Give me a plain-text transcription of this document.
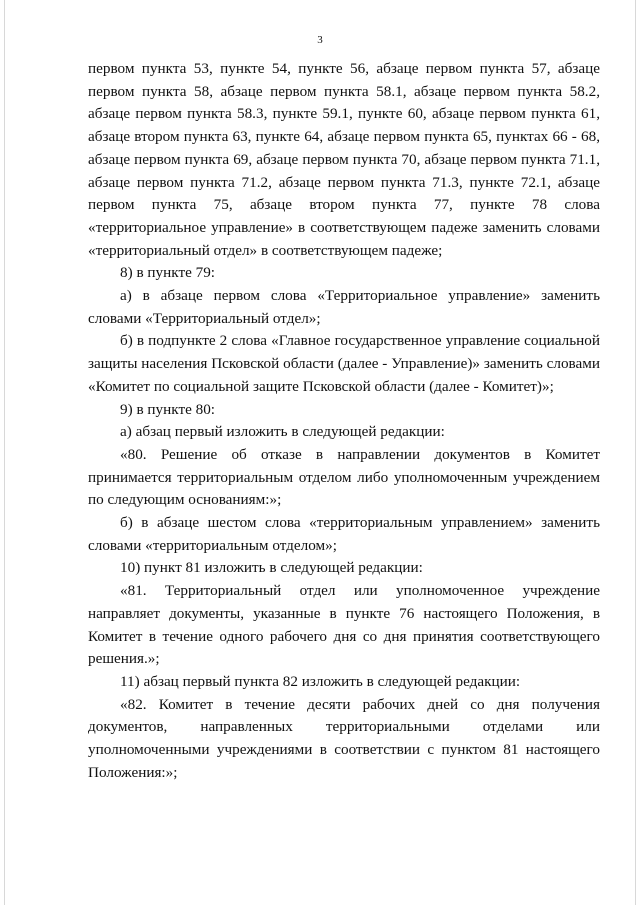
3

первом пункта 53, пункте 54, пункте 56, абзаце первом пункта 57, абзаце первом пункта 58, абзаце первом пункта 58.1, абзаце первом пункта 58.2, абзаце первом пункта 58.3, пункте 59.1, пункте 60, абзаце первом пункта 61, абзаце втором пункта 63, пункте 64, абзаце первом пункта 65, пунктах 66 - 68, абзаце первом пункта 69, абзаце первом пункта 70, абзаце первом пункта 71.1, абзаце первом пункта 71.2, абзаце первом пункта 71.3, пункте 72.1, абзаце первом пункта 75, абзаце втором пункта 77, пункте 78 слова «территориальное управление» в соответствующем падеже заменить словами «территориальный отдел» в соответствующем падеже;

8) в пункте 79:

а) в абзаце первом слова «Территориальное управление» заменить словами «Территориальный отдел»;

б) в подпункте 2 слова «Главное государственное управление социальной защиты населения Псковской области (далее - Управление)» заменить словами «Комитет по социальной защите Псковской области (далее - Комитет)»;

9) в пункте 80:

а) абзац первый изложить в следующей редакции:

«80. Решение об отказе в направлении документов в Комитет принимается территориальным отделом либо уполномоченным учреждением по следующим основаниям:»;

б) в абзаце шестом слова «территориальным управлением» заменить словами «территориальным отделом»;

10) пункт 81 изложить в следующей редакции:

«81. Территориальный отдел или уполномоченное учреждение направляет документы, указанные в пункте 76 настоящего Положения, в Комитет в течение одного рабочего дня со дня принятия соответствующего решения.»;

11) абзац первый пункта 82 изложить в следующей редакции:

«82. Комитет в течение десяти рабочих дней со дня получения документов, направленных территориальными отделами или уполномоченными учреждениями в соответствии с пунктом 81 настоящего Положения:»;
